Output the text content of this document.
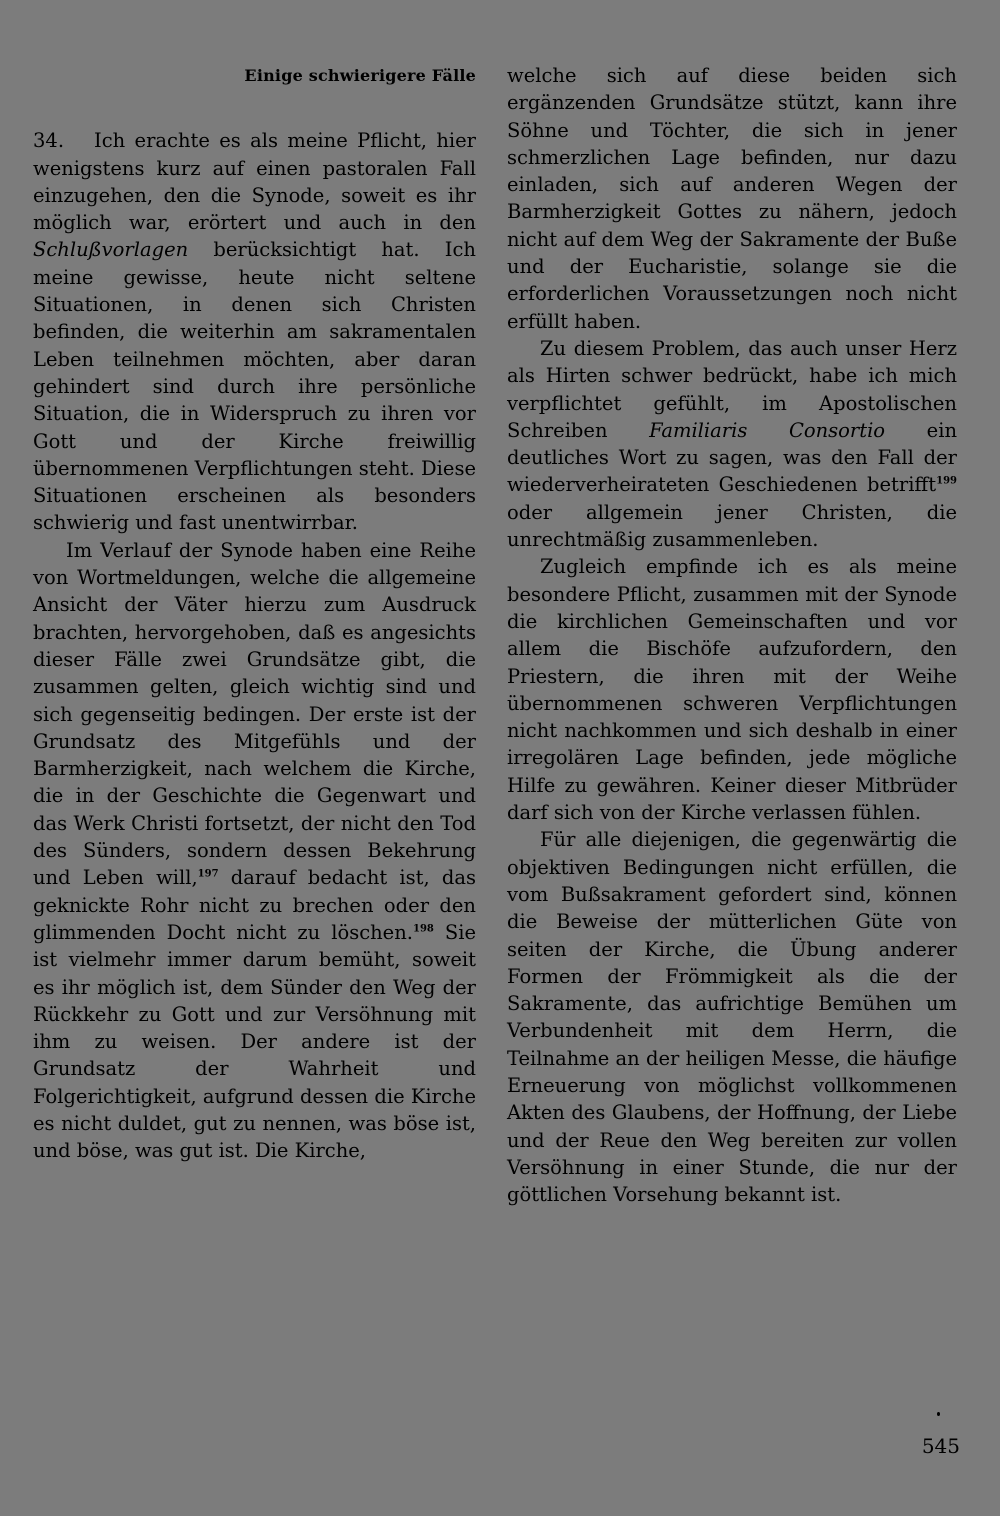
Einige schwierigere Fälle

34. Ich erachte es als meine Pflicht, hier wenigstens kurz auf einen pastoralen Fall einzugehen, den die Synode, soweit es ihr möglich war, erörtert und auch in den Schlußvorlagen berücksichtigt hat. Ich meine gewisse, heute nicht seltene Situationen, in denen sich Christen befinden, die weiterhin am sakramentalen Leben teilnehmen möchten, aber daran gehindert sind durch ihre persönliche Situation, die in Widerspruch zu ihren vor Gott und der Kirche freiwillig übernommenen Verpflichtungen steht. Diese Situationen erscheinen als besonders schwierig und fast unentwirrbar.

Im Verlauf der Synode haben eine Reihe von Wortmeldungen, welche die allgemeine Ansicht der Väter hierzu zum Ausdruck brachten, hervorgehoben, daß es angesichts dieser Fälle zwei Grundsätze gibt, die zusammen gelten, gleich wichtig sind und sich gegenseitig bedingen. Der erste ist der Grundsatz des Mitgefühls und der Barmherzigkeit, nach welchem die Kirche, die in der Geschichte die Gegenwart und das Werk Christi fortsetzt, der nicht den Tod des Sünders, sondern dessen Bekehrung und Leben will,$^{197}$ darauf bedacht ist, das geknickte Rohr nicht zu brechen oder den glimmenden Docht nicht zu löschen.$^{198}$ Sie ist vielmehr immer darum bemüht, soweit es ihr möglich ist, dem Sünder den Weg der Rückkehr zu Gott und zur Versöhnung mit ihm zu weisen. Der andere ist der Grundsatz der Wahrheit und Folgerichtigkeit, aufgrund dessen die Kirche es nicht duldet, gut zu nennen, was böse ist, und böse, was gut ist. Die Kirche,

welche sich auf diese beiden sich ergänzenden Grundsätze stützt, kann ihre Söhne und Töchter, die sich in jener schmerzlichen Lage befinden, nur dazu einladen, sich auf anderen Wegen der Barmherzigkeit Gottes zu nähern, jedoch nicht auf dem Weg der Sakramente der Buße und der Eucharistie, solange sie die erforderlichen Voraussetzungen noch nicht erfüllt haben.

Zu diesem Problem, das auch unser Herz als Hirten schwer bedrückt, habe ich mich verpflichtet gefühlt, im Apostolischen Schreiben Familiaris Consortio ein deutliches Wort zu sagen, was den Fall der wiederverheirateten Geschiedenen betrifft$^{199}$ oder allgemein jener Christen, die unrechtmäßig zusammenleben.

Zugleich empfinde ich es als meine besondere Pflicht, zusammen mit der Synode die kirchlichen Gemeinschaften und vor allem die Bischöfe aufzufordern, den Priestern, die ihren mit der Weihe übernommenen schweren Verpflichtungen nicht nachkommen und sich deshalb in einer irregolären Lage befinden, jede mögliche Hilfe zu gewähren. Keiner dieser Mitbrüder darf sich von der Kirche verlassen fühlen.

Für alle diejenigen, die gegenwärtig die objektiven Bedingungen nicht erfüllen, die vom Bußsakrament gefordert sind, können die Beweise der mütterlichen Güte von seiten der Kirche, die Übung anderer Formen der Frömmigkeit als die der Sakramente, das aufrichtige Bemühen um Verbundenheit mit dem Herrn, die Teilnahme an der heiligen Messe, die häufige Erneuerung von möglichst vollkommenen Akten des Glaubens, der Hoffnung, der Liebe und der Reue den Weg bereiten zur vollen Versöhnung in einer Stunde, die nur der göttlichen Vorsehung bekannt ist.

545
